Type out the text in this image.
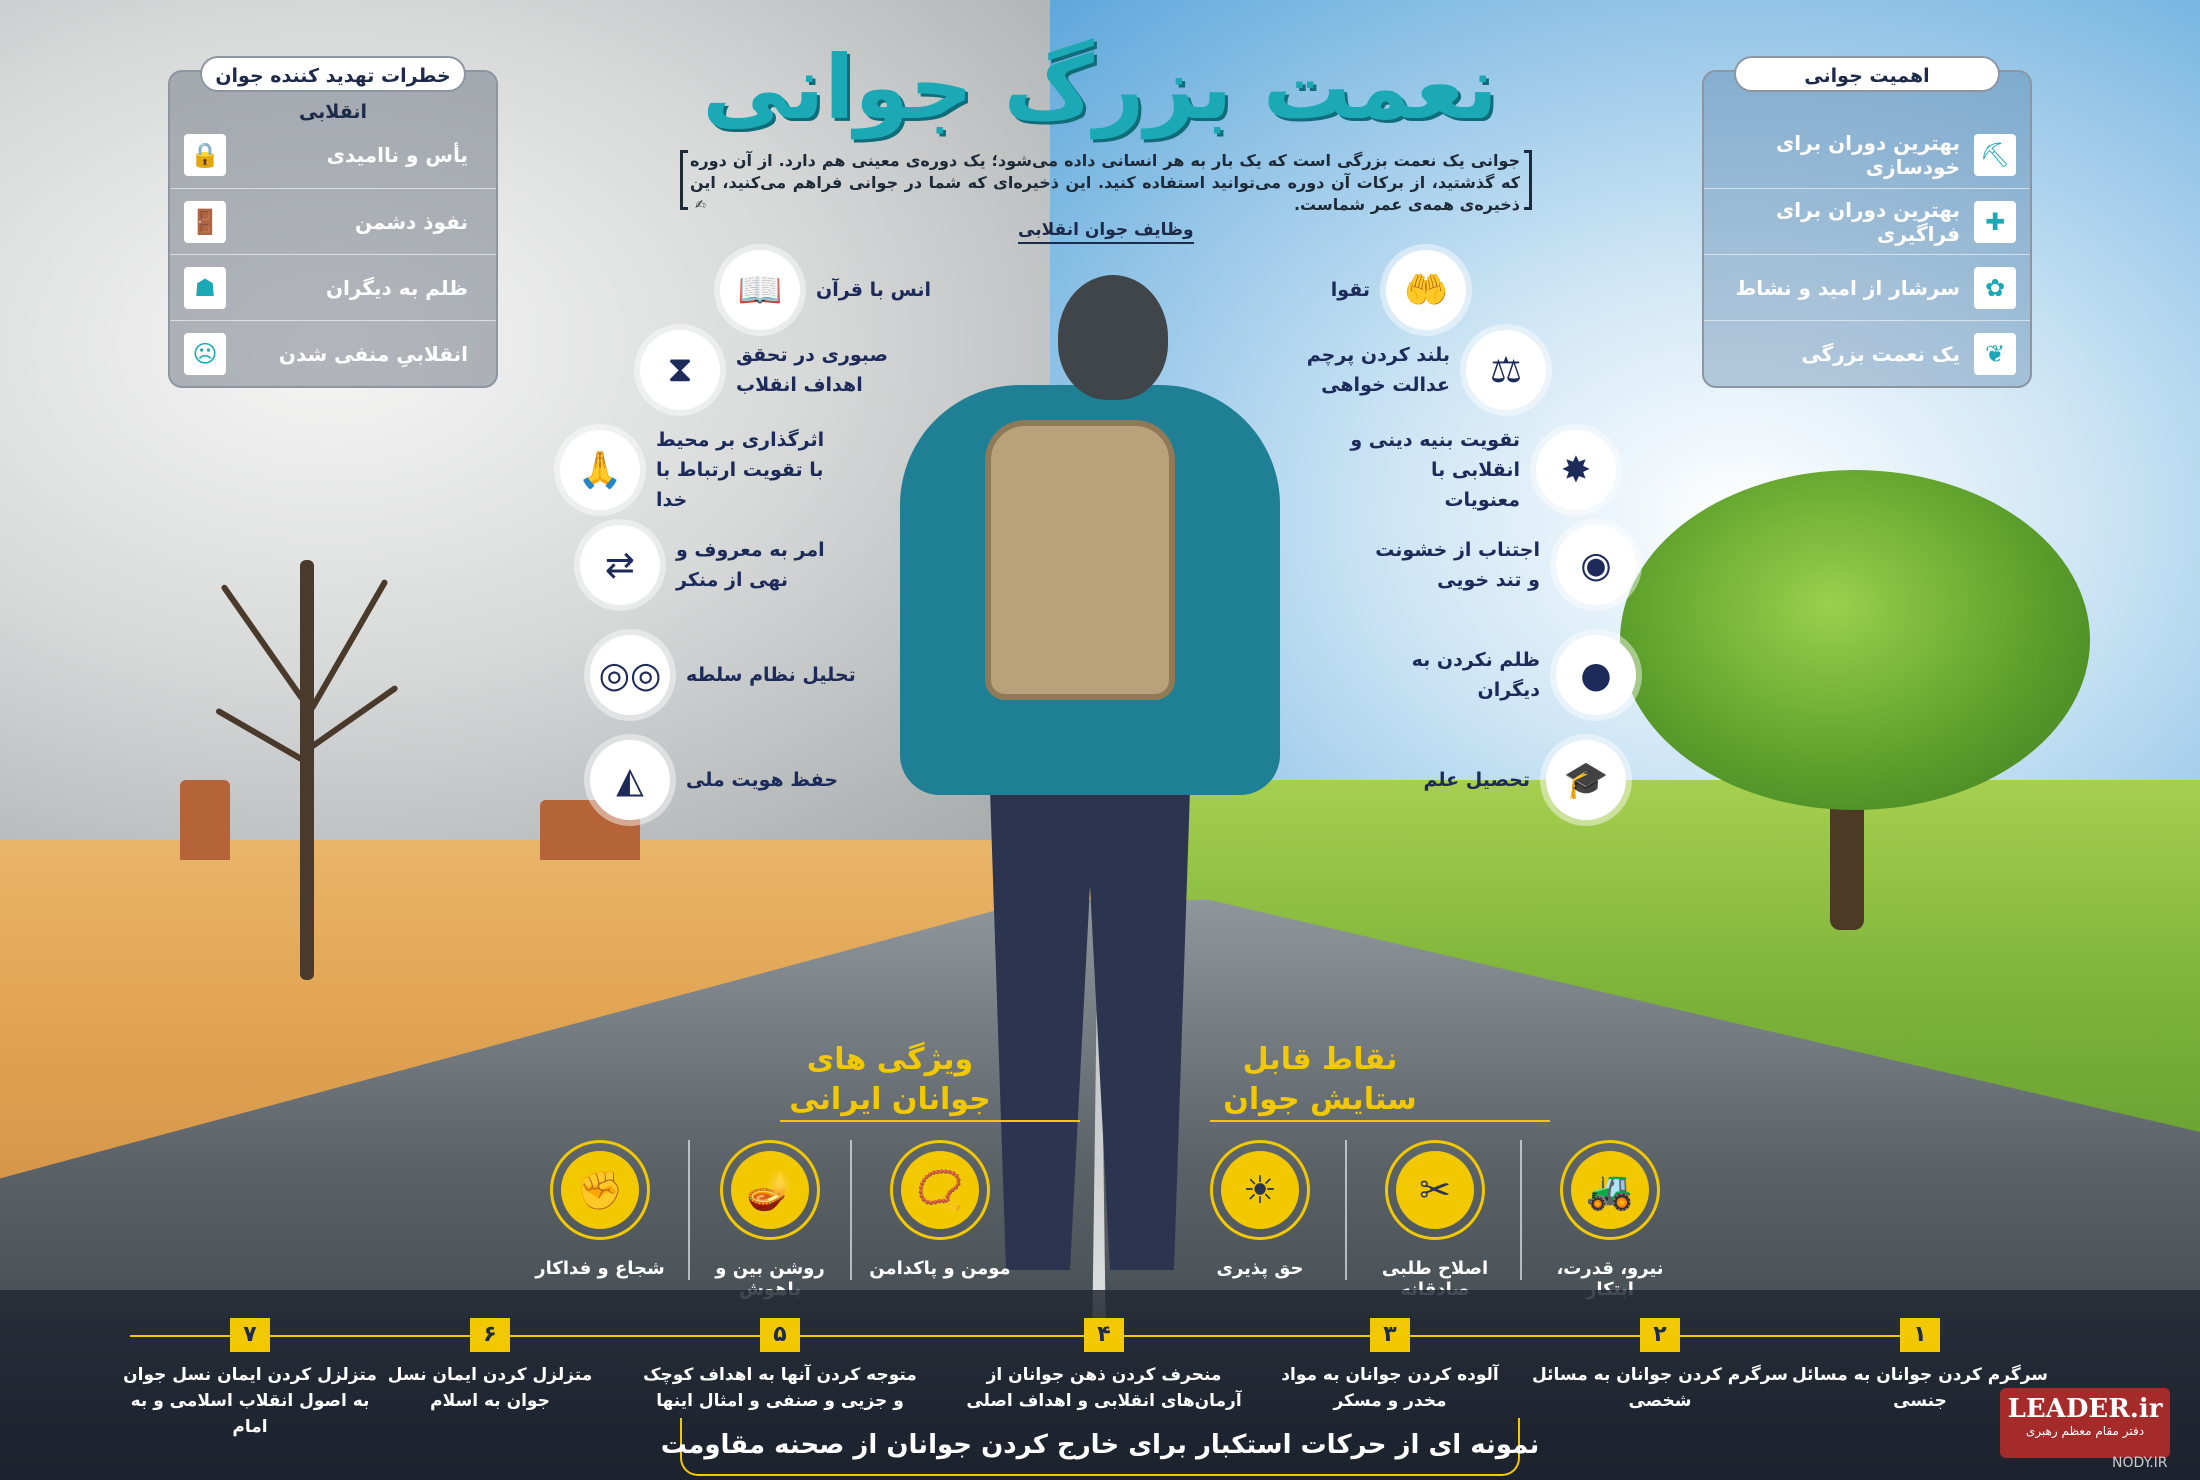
نعمت بزرگ جوانی
جوانی یک نعمت بزرگی است که یک بار به هر انسانی داده می‌شود؛ یک دوره‌ی معینی هم دارد. از آن دوره که گذشتید، از برکات آن دوره می‌توانید استفاده کنید. این ذخیره‌ای که شما در جوانی فراهم می‌کنید، این ذخیره‌ی همه‌ی عمر شماست.
✍
خطرات تهدید کننده جوان انقلابی
یأس و ناامیدی
🔒
نفوذ دشمن
🚪
ظلم به دیگران
☗
انقلابیِ منفی شدن
☹
اهمیت جوانی
⛏
بهترین دوران برای خودسازی
✚
بهترین دوران برای فراگیری
✿
سرشار از امید و نشاط
❦
یک نعمت بزرگی
وظایف جوان انقلابی
📖	انس با قرآن
⧗	صبوری در تحقق اهداف انقلاب
🙏
اثرگذاری بر محیط با تقویت ارتباط با خدا
⇄	امر به معروف و نهی از منکر
◎◎	تحلیل نظام سلطه
◭	حفظ هویت ملی
تقوا 🤲
بلند کردن پرچم عدالت خواهی	⚖
تقویت بنیه دینی و انقلابی با معنویات
✸
اجتناب از خشونت و تند خویی	◉
ظلم نکردن به دیگران	●
تحصیل علم 🎓
ویژگی های جوانان ایرانی
نقاط قابل ستایش جوان
📿
مومن و پاکدامن
🪔
روشن بین و
✊
شجاع و فداکار
☀
حق پذیری
✂
اصلاح طلبی
🚜
نیرو، قدرت،
۱
سرگرم کردن جوانان به مسائل جنسی
۲
سرگرم کردن جوانان به مسائل شخصی
۳
آلوده کردن جوانان به مواد مخدر و مسکر
۴
منحرف کردن ذهن جوانان از آرمان‌های انقلابی و اهداف اصلی
۵
متوجه کردن آنها به اهداف کوچک و جزیی و صنفی و امثال اینها
۶
متزلزل کردن ایمان نسل جوان به اسلام
۷
متزلزل کردن ایمان نسل جوان به اصول انقلاب اسلامی و به امام
نمونه ای از حرکات استکبار برای خارج کردن جوانان از صحنه مقاومت
LEADER.ir
دفتر مقام معظم رهبری
NODY.IR
